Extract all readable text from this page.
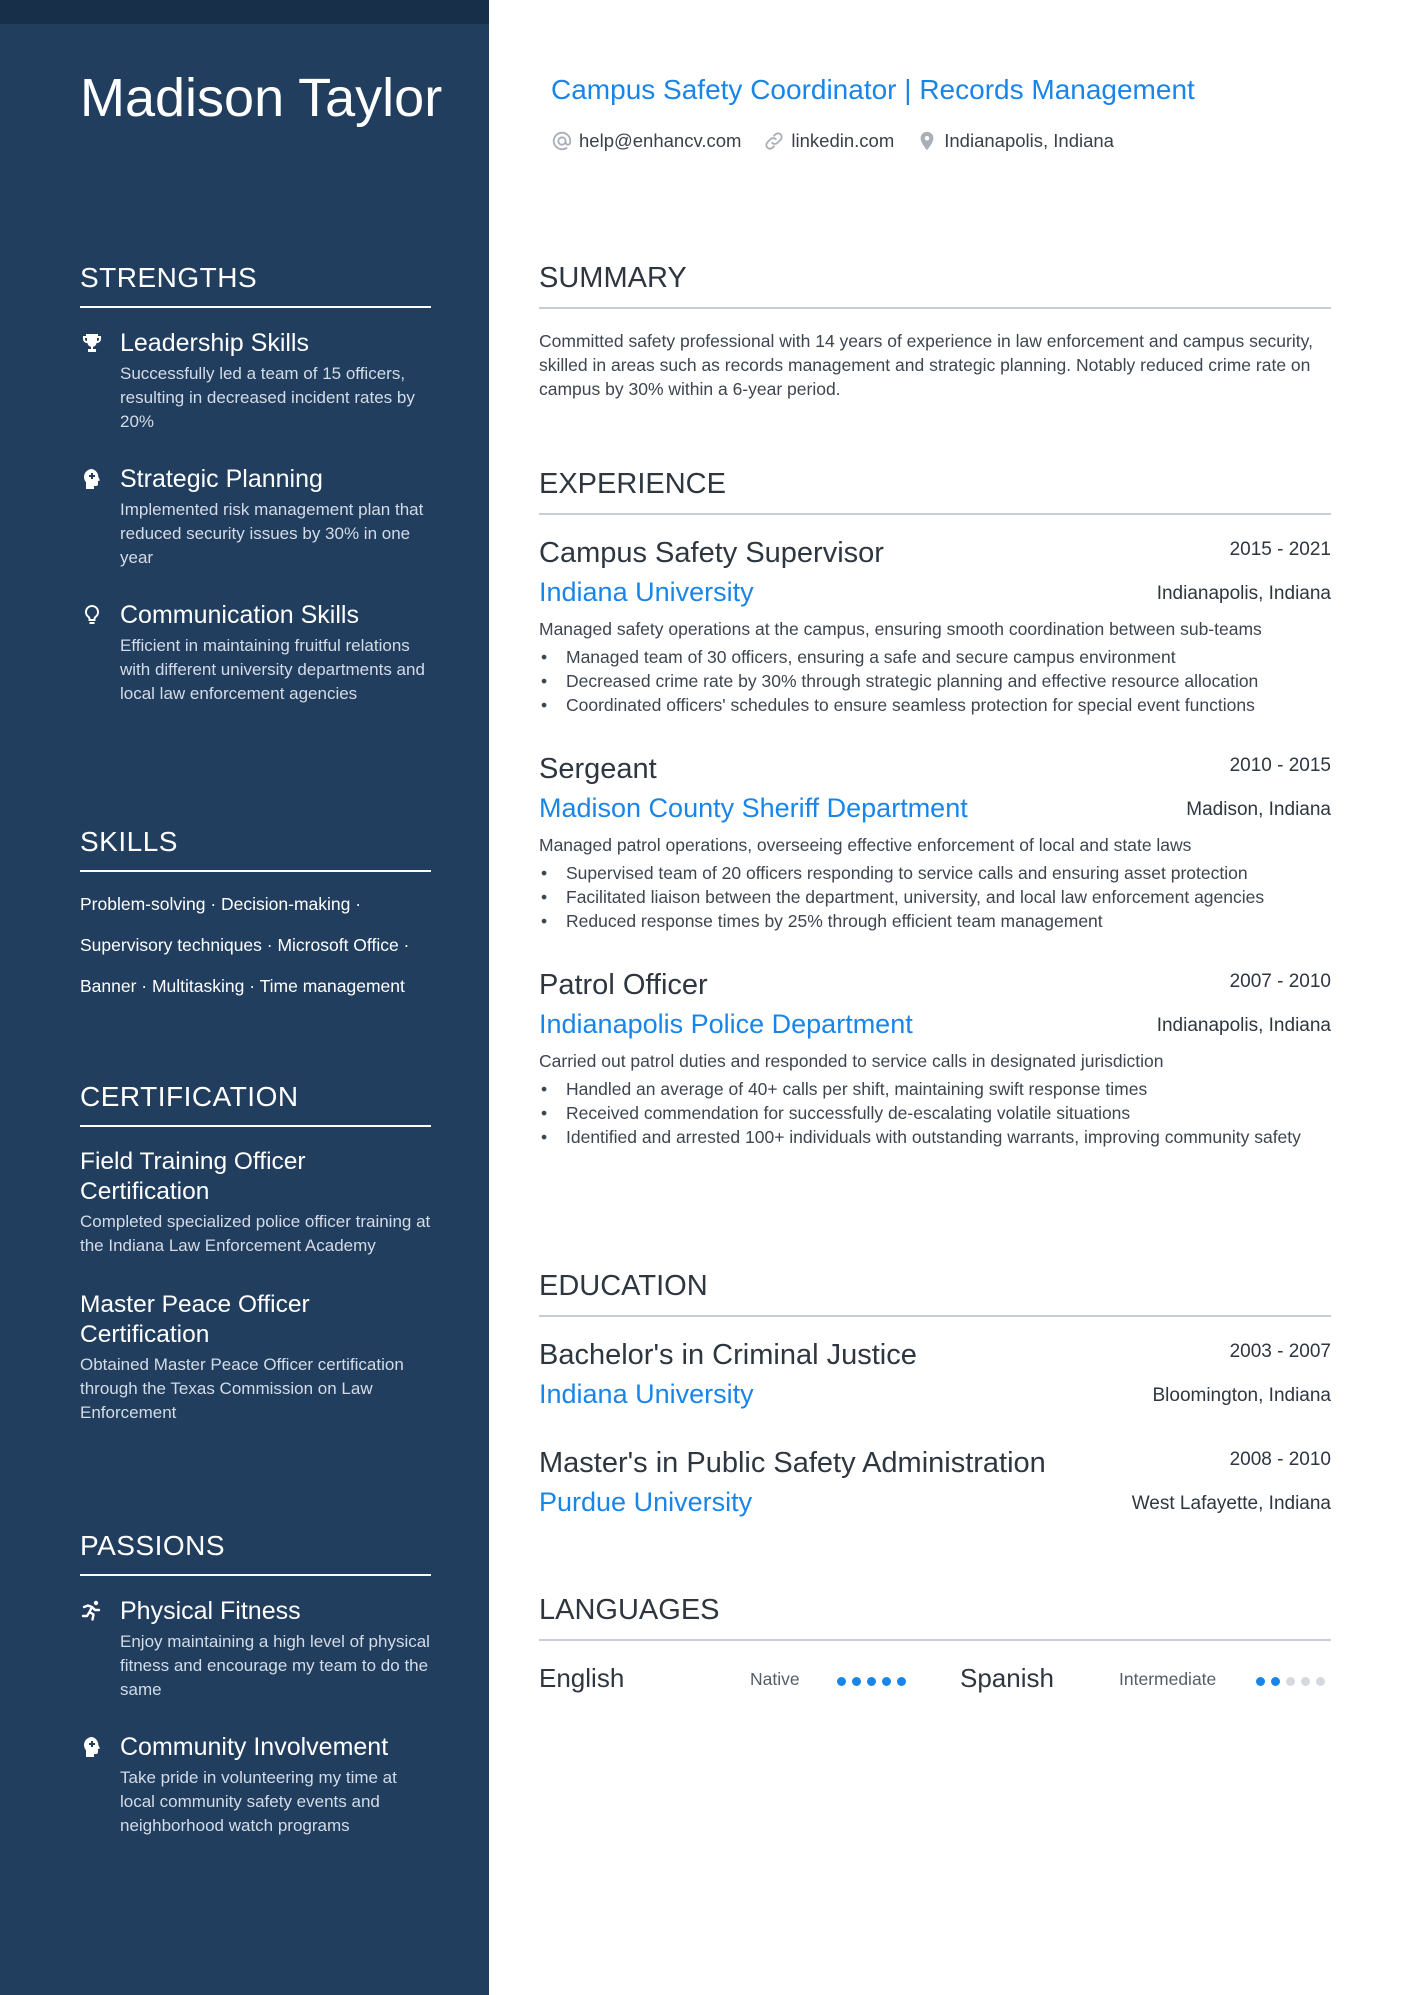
Madison Taylor
STRENGTHS
Leadership Skills
Successfully led a team of 15 officers, resulting in decreased incident rates by 20%
Strategic Planning
Implemented risk management plan that reduced security issues by 30% in one year
Communication Skills
Efficient in maintaining fruitful relations with different university departments and local law enforcement agencies
SKILLS
Problem-solving · Decision-making · Supervisory techniques · Microsoft Office · Banner · Multitasking · Time management
CERTIFICATION
Field Training Officer Certification
Completed specialized police officer training at the Indiana Law Enforcement Academy
Master Peace Officer Certification
Obtained Master Peace Officer certification through the Texas Commission on Law Enforcement
PASSIONS
Physical Fitness
Enjoy maintaining a high level of physical fitness and encourage my team to do the same
Community Involvement
Take pride in volunteering my time at local community safety events and neighborhood watch programs
Campus Safety Coordinator | Records Management
help@enhancv.com	linkedin.com	Indianapolis, Indiana
SUMMARY
Committed safety professional with 14 years of experience in law enforcement and campus security, skilled in areas such as records management and strategic planning. Notably reduced crime rate on campus by 30% within a 6-year period.
EXPERIENCE
Campus Safety Supervisor	2015 - 2021
Indiana University	Indianapolis, Indiana
Managed safety operations at the campus, ensuring smooth coordination between sub-teams
• Managed team of 30 officers, ensuring a safe and secure campus environment
• Decreased crime rate by 30% through strategic planning and effective resource allocation
• Coordinated officers' schedules to ensure seamless protection for special event functions
Sergeant	2010 - 2015
Madison County Sheriff Department	Madison, Indiana
Managed patrol operations, overseeing effective enforcement of local and state laws
• Supervised team of 20 officers responding to service calls and ensuring asset protection
• Facilitated liaison between the department, university, and local law enforcement agencies
• Reduced response times by 25% through efficient team management
Patrol Officer	2007 - 2010
Indianapolis Police Department	Indianapolis, Indiana
Carried out patrol duties and responded to service calls in designated jurisdiction
• Handled an average of 40+ calls per shift, maintaining swift response times
• Received commendation for successfully de-escalating volatile situations
• Identified and arrested 100+ individuals with outstanding warrants, improving community safety
EDUCATION
Bachelor's in Criminal Justice	2003 - 2007
Indiana University	Bloomington, Indiana
Master's in Public Safety Administration	2008 - 2010
Purdue University	West Lafayette, Indiana
LANGUAGES
English	Native	Spanish	Intermediate
